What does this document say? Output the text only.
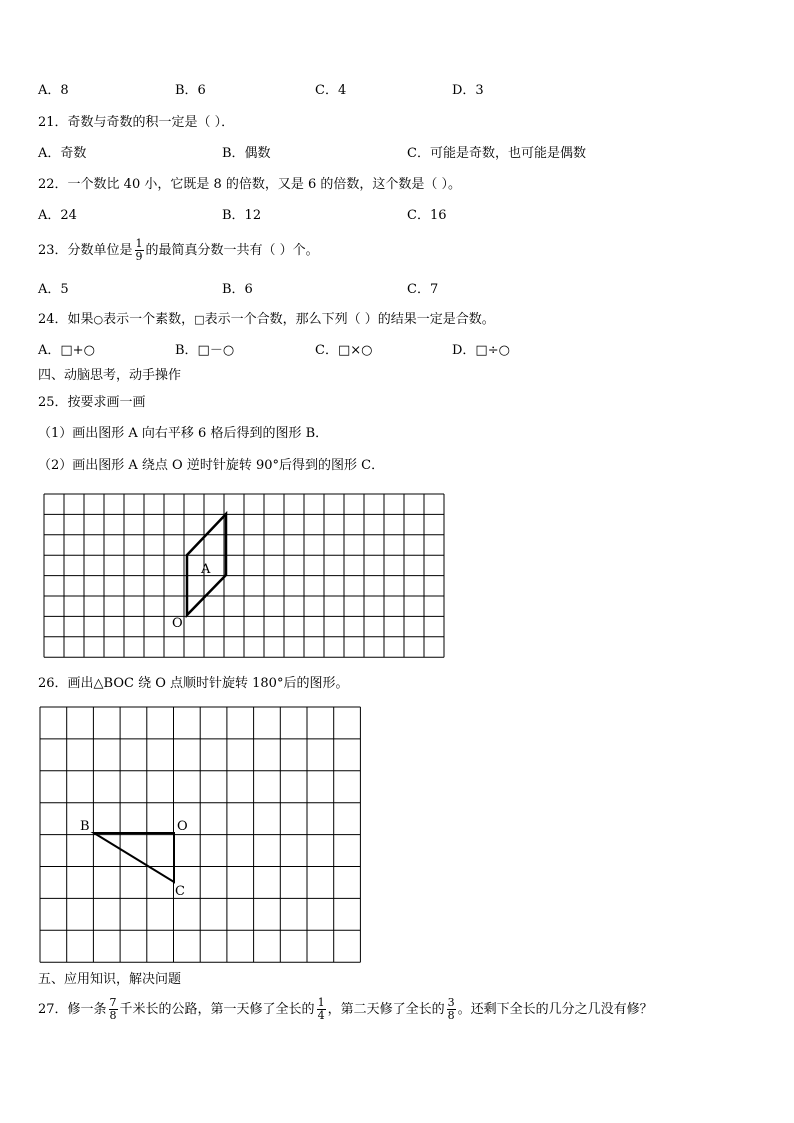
A．8	B．6	C．4	D．3
21．奇数与奇数的积一定是（ ）．
A．奇数	B．偶数	C．可能是奇数，也可能是偶数
22．一个数比 40 小，它既是 8 的倍数，又是 6 的倍数，这个数是（ ）。
A．24	B．12	C．16
23．分数单位是 $\frac{1}{9}$ 的最简真分数一共有（ ）个。
A．5	B．6	C．7
24．如果○表示一个素数，□表示一个合数，那么下列（ ）的结果一定是合数。
A．□+○	B．□－○	C．□×○	D．□÷○
四、动脑思考，动手操作
25．按要求画一画
（1）画出图形 A 向右平移 6 格后得到的图形 B．
（2）画出图形 A 绕点 O 逆时针旋转 90°后得到的图形 C．
A
O
26．画出△BOC 绕 O 点顺时针旋转 180°后的图形。
B	O
C
五、应用知识，解决问题
27．修一条 $\frac{7}{8}$ 千米长的公路，第一天修了全长的 $\frac{1}{4}$ ，第二天修了全长的 $\frac{3}{8}$ 。还剩下全长的几分之几没有修？
